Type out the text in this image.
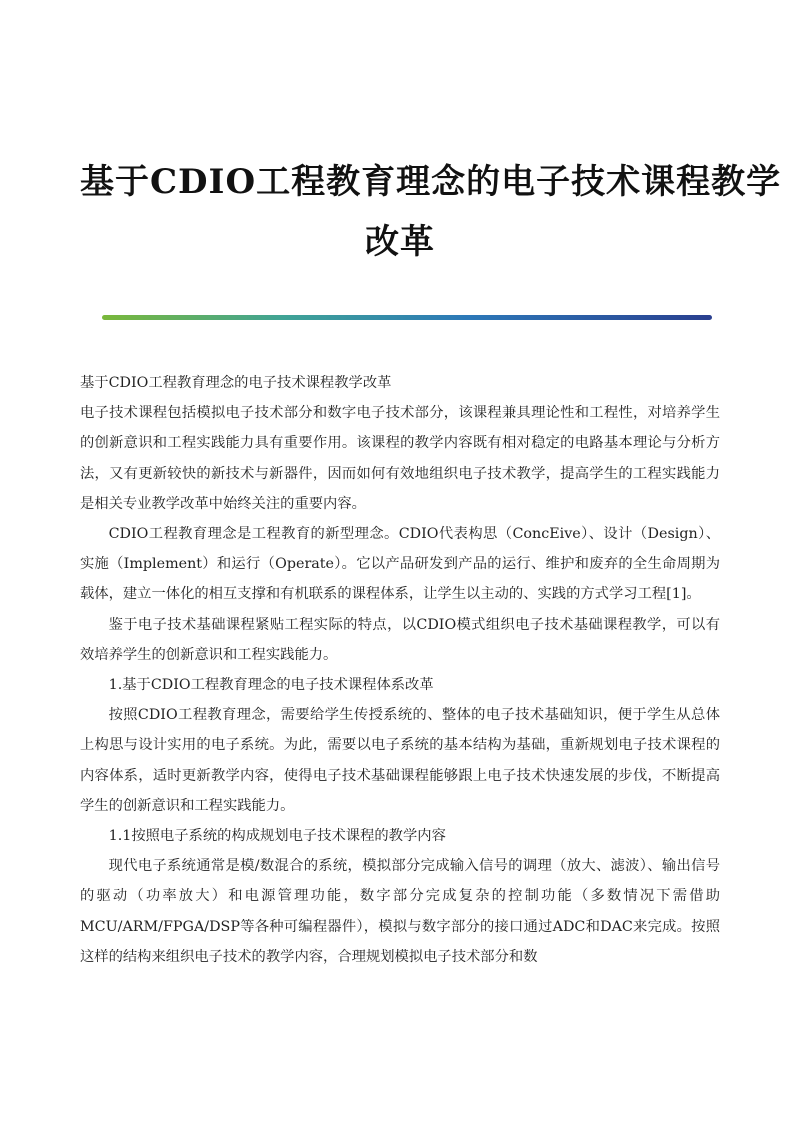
基于CDIO工程教育理念的电子技术课程教学
改革

基于CDIO工程教育理念的电子技术课程教学改革

电子技术课程包括模拟电子技术部分和数字电子技术部分，该课程兼具理论性和工程性，对培养学生的创新意识和工程实践能力具有重要作用。该课程的教学内容既有相对稳定的电路基本理论与分析方法，又有更新较快的新技术与新器件，因而如何有效地组织电子技术教学，提高学生的工程实践能力是相关专业教学改革中始终关注的重要内容。

CDIO工程教育理念是工程教育的新型理念。CDIO代表构思（ConcEive）、设计（Design）、实施（Implement）和运行（Operate）。它以产品研发到产品的运行、维护和废弃的全生命周期为载体，建立一体化的相互支撑和有机联系的课程体系，让学生以主动的、实践的方式学习工程[1]。

鉴于电子技术基础课程紧贴工程实际的特点，以CDIO模式组织电子技术基础课程教学，可以有效培养学生的创新意识和工程实践能力。

1.基于CDIO工程教育理念的电子技术课程体系改革

按照CDIO工程教育理念，需要给学生传授系统的、整体的电子技术基础知识，便于学生从总体上构思与设计实用的电子系统。为此，需要以电子系统的基本结构为基础，重新规划电子技术课程的内容体系，适时更新教学内容，使得电子技术基础课程能够跟上电子技术快速发展的步伐，不断提高学生的创新意识和工程实践能力。

1.1按照电子系统的构成规划电子技术课程的教学内容

现代电子系统通常是模/数混合的系统，模拟部分完成输入信号的调理（放大、滤波）、输出信号的驱动（功率放大）和电源管理功能，数字部分完成复杂的控制功能（多数情况下需借助MCU/ARM/FPGA/DSP等各种可编程器件），模拟与数字部分的接口通过ADC和DAC来完成。按照这样的结构来组织电子技术的教学内容，合理规划模拟电子技术部分和数
